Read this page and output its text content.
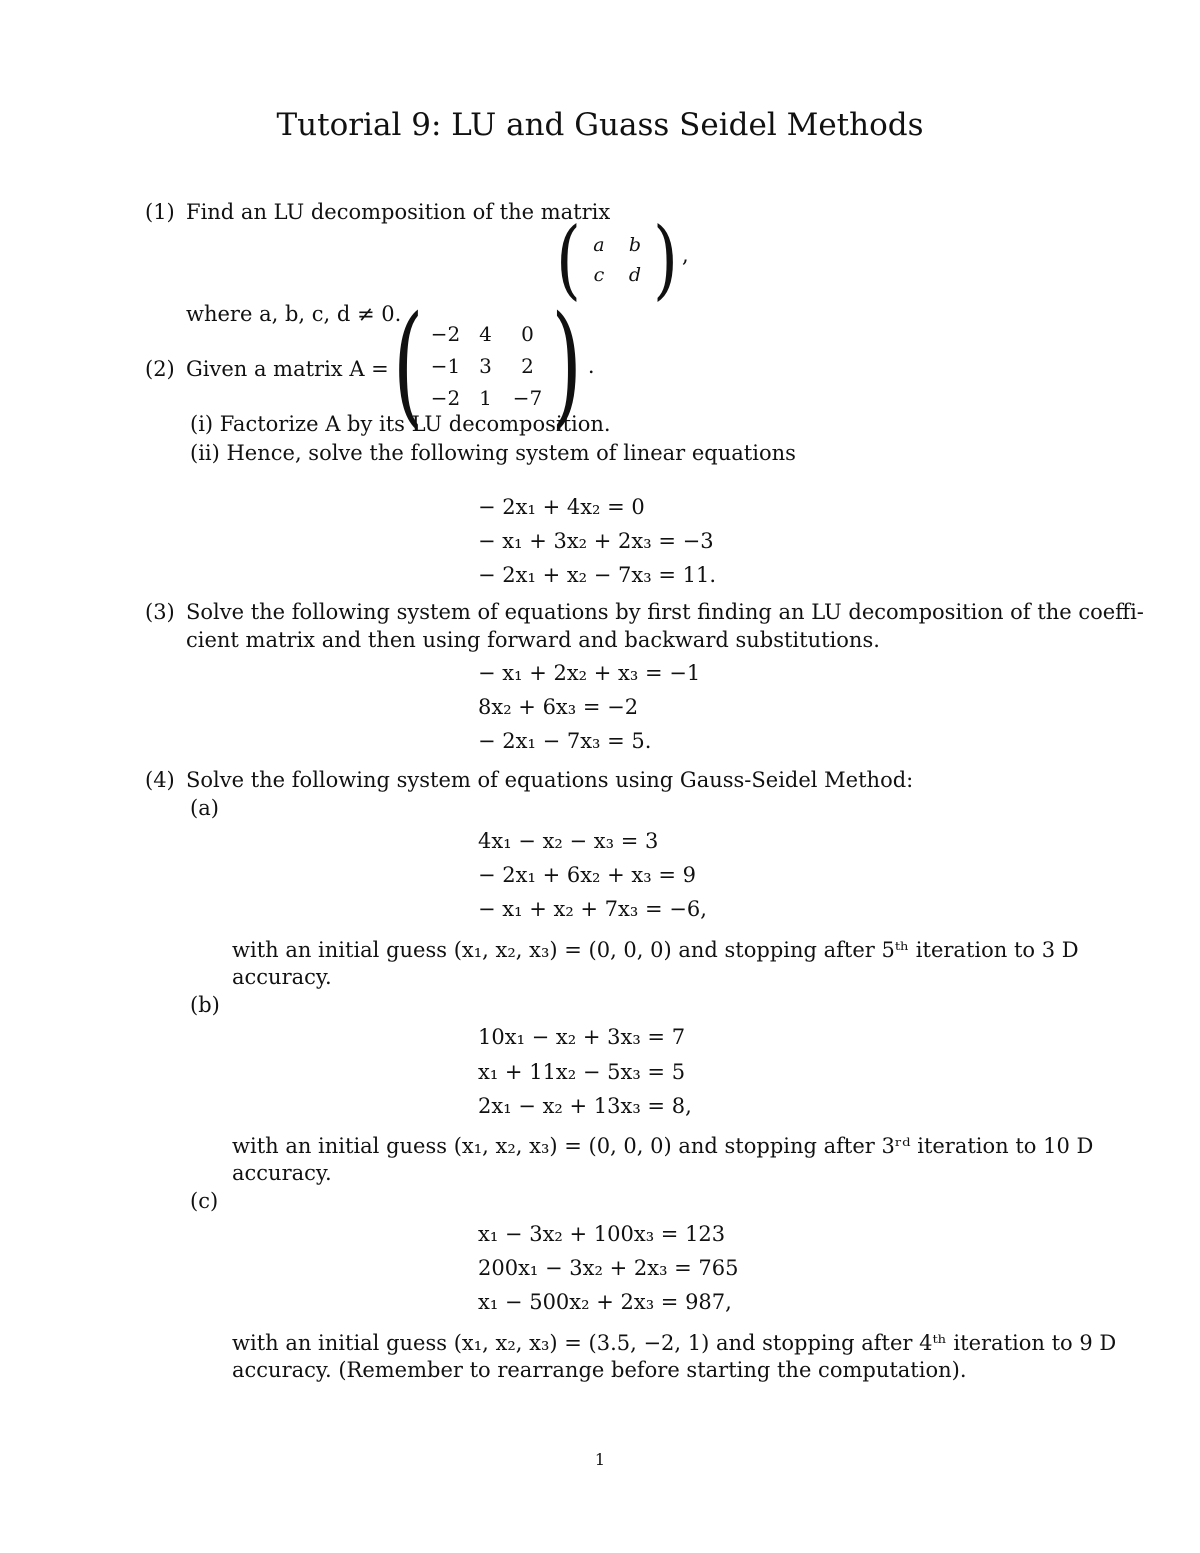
Tutorial 9: LU and Guass Seidel Methods
(1) Find an LU decomposition of the matrix
( a	b
c	d ) ,
where a, b, c, d ≠ 0.
(2) Given a matrix A = ( −2 4	0
−1 3	2
−2 1	−7 ) .
(i) Factorize A by its LU decomposition.
(ii) Hence, solve the following system of linear equations
− 2x₁ + 4x₂ = 0
− x₁ + 3x₂ + 2x₃ = −3
− 2x₁ + x₂ − 7x₃ = 11.
(3) Solve the following system of equations by first finding an LU decomposition of the coeffi-
cient matrix and then using forward and backward substitutions.
− x₁ + 2x₂ + x₃ = −1
8x₂ + 6x₃ = −2
− 2x₁ − 7x₃ = 5.
(4) Solve the following system of equations using Gauss-Seidel Method:
(a)
4x₁ − x₂ − x₃ = 3
− 2x₁ + 6x₂ + x₃ = 9
− x₁ + x₂ + 7x₃ = −6,
with an initial guess (x₁, x₂, x₃) = (0, 0, 0) and stopping after 5ᵗʰ iteration to 3 D
accuracy.
(b)
10x₁ − x₂ + 3x₃ = 7
x₁ + 11x₂ − 5x₃ = 5
2x₁ − x₂ + 13x₃ = 8,
with an initial guess (x₁, x₂, x₃) = (0, 0, 0) and stopping after 3ʳᵈ iteration to 10 D
accuracy.
(c)
x₁ − 3x₂ + 100x₃ = 123
200x₁ − 3x₂ + 2x₃ = 765
x₁ − 500x₂ + 2x₃ = 987,
with an initial guess (x₁, x₂, x₃) = (3.5, −2, 1) and stopping after 4ᵗʰ iteration to 9 D
accuracy. (Remember to rearrange before starting the computation).
1
